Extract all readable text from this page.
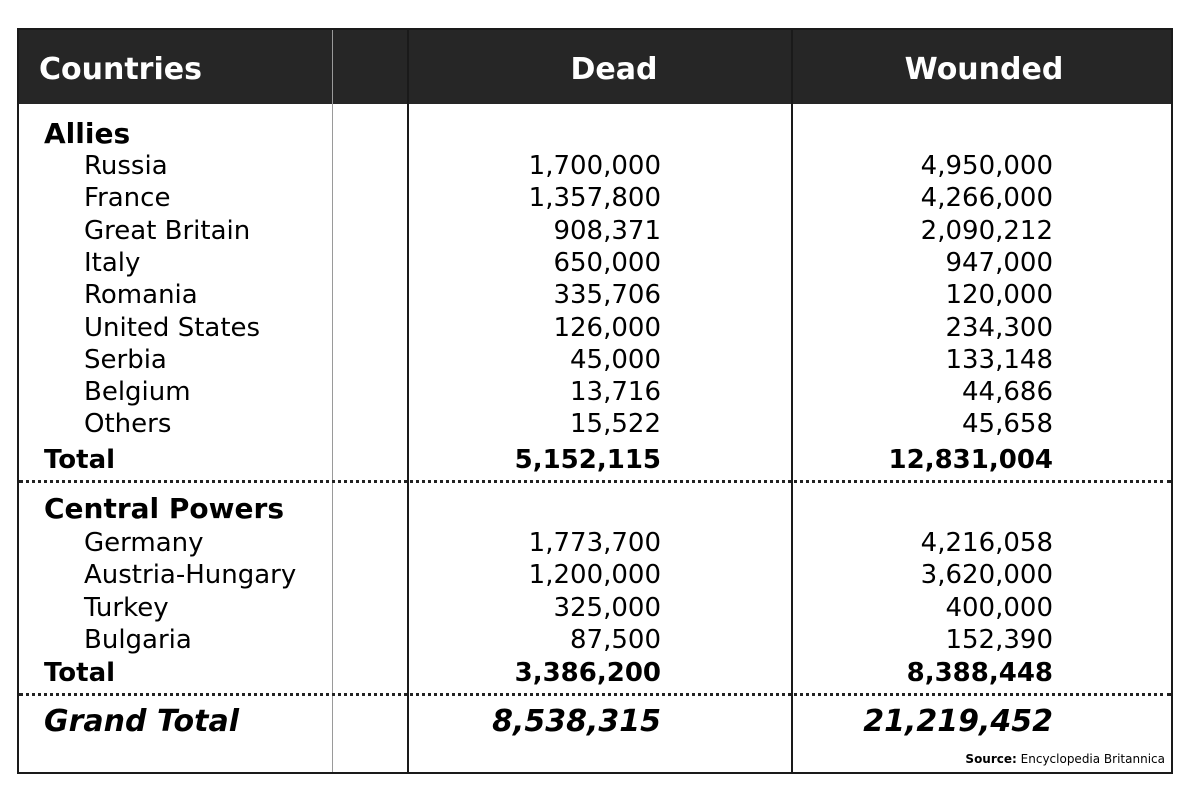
Countries	Dead	Wounded
Allies
Russia	1,700,000	4,950,000
France	1,357,800	4,266,000
Great Britain	908,371	2,090,212
Italy	650,000	947,000
Romania	335,706	120,000
United States	126,000	234,300
Serbia	45,000	133,148
Belgium	13,716	44,686
Others	15,522	45,658
Total	5,152,115	12,831,004
Central Powers
Germany	1,773,700	4,216,058
Austria-Hungary	1,200,000	3,620,000
Turkey	325,000	400,000
Bulgaria	87,500	152,390
Total	3,386,200	8,388,448
Grand Total	8,538,315	21,219,452
Source: Encyclopedia Britannica
